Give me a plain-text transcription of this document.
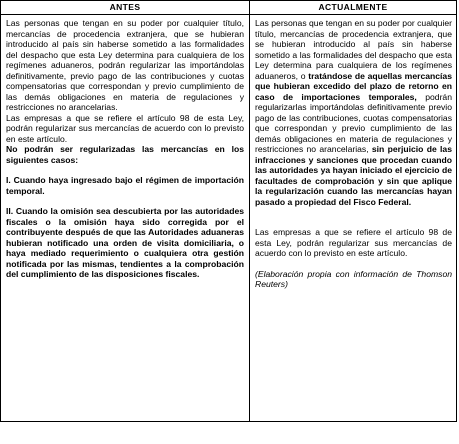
ANTES	ACTUALMENTE

Las personas que tengan en su poder por cualquier título, mercancías de procedencia extranjera, que se hubieran introducido al país sin haberse sometido a las formalidades del despacho que esta Ley determina para cualquiera de los regímenes aduaneros, podrán regularizar las importándolas definitivamente, previo pago de las contribuciones y cuotas compensatorias que correspondan y previo cumplimiento de las demás obligaciones en materia de regulaciones y restricciones no arancelarias.

Las empresas a que se refiere el artículo 98 de esta Ley, podrán regularizar sus mercancías de acuerdo con lo previsto en este artículo.

No podrán ser regularizadas las mercancías en los siguientes casos:

I. Cuando haya ingresado bajo el régimen de importación temporal.

II. Cuando la omisión sea descubierta por las autoridades fiscales o la omisión haya sido corregida por el contribuyente después de que las Autoridades aduaneras hubieran notificado una orden de visita domiciliaria, o haya mediado requerimiento o cualquiera otra gestión notificada por las mismas, tendientes a la comprobación del cumplimiento de las disposiciones fiscales.

Las personas que tengan en su poder por cualquier título, mercancías de procedencia extranjera, que se hubieran introducido al país sin haberse sometido a las formalidades del despacho que esta Ley determina para cualquiera de los regímenes aduaneros, o tratándose de aquellas mercancías que hubieran excedido del plazo de retorno en caso de importaciones temporales, podrán regularizarlas importándolas definitivamente previo pago de las contribuciones, cuotas compensatorias que correspondan y previo cumplimiento de las demás obligaciones en materia de regulaciones y restricciones no arancelarias, sin perjuicio de las infracciones y sanciones que procedan cuando las autoridades ya hayan iniciado el ejercicio de facultades de comprobación y sin que aplique la regularización cuando las mercancías hayan pasado a propiedad del Fisco Federal.

Las empresas a que se refiere el artículo 98 de esta Ley, podrán regularizar sus mercancías de acuerdo con lo previsto en este artículo.

(Elaboración propia con información de Thomson Reuters)
